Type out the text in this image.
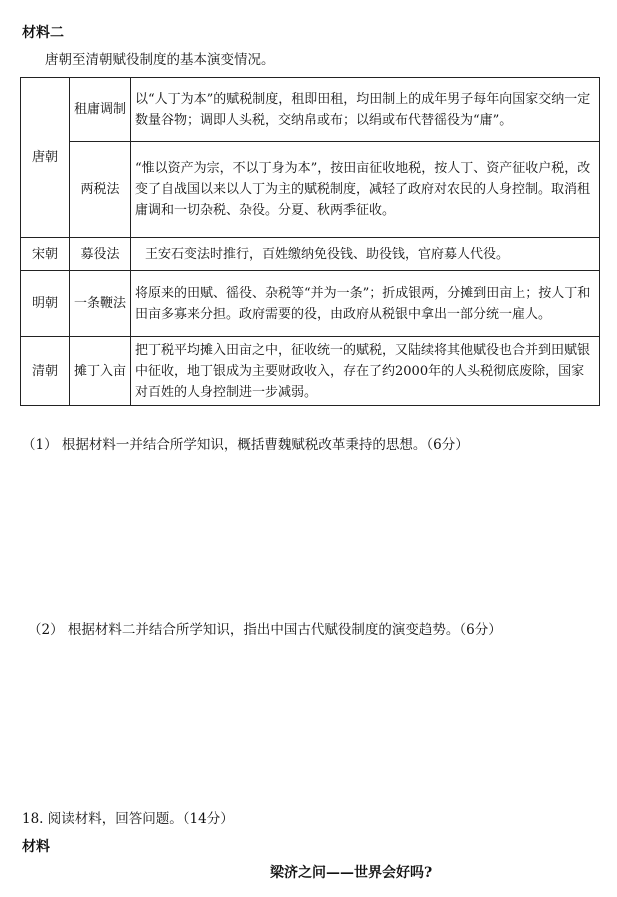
材料二
唐朝至清朝赋役制度的基本演变情况。
唐朝	租庸调制	以“人丁为本”的赋税制度，租即田租，均田制上的成年男子每年向国家交纳一定数量谷物；调即人头税，交纳帛或布；以绢或布代替徭役为“庸”。
	两税法	“惟以资产为宗，不以丁身为本”，按田亩征收地税，按人丁、资产征收户税，改变了自战国以来以人丁为主的赋税制度，减轻了政府对农民的人身控制。取消租庸调和一切杂税、杂役。分夏、秋两季征收。
宋朝	募役法	王安石变法时推行，百姓缴纳免役钱、助役钱，官府募人代役。
明朝	一条鞭法	将原来的田赋、徭役、杂税等“并为一条”；折成银两，分摊到田亩上；按人丁和田亩多寡来分担。政府需要的役，由政府从税银中拿出一部分统一雇人。
清朝	摊丁入亩	把丁税平均摊入田亩之中，征收统一的赋税，又陆续将其他赋役也合并到田赋银中征收，地丁银成为主要财政收入，存在了约2000年的人头税彻底废除，国家对百姓的人身控制进一步减弱。
（1） 根据材料一并结合所学知识，概括曹魏赋税改革秉持的思想。（6分）
（2） 根据材料二并结合所学知识，指出中国古代赋役制度的演变趋势。（6分）
18. 阅读材料，回答问题。（14分）
材料
梁济之问——世界会好吗?
